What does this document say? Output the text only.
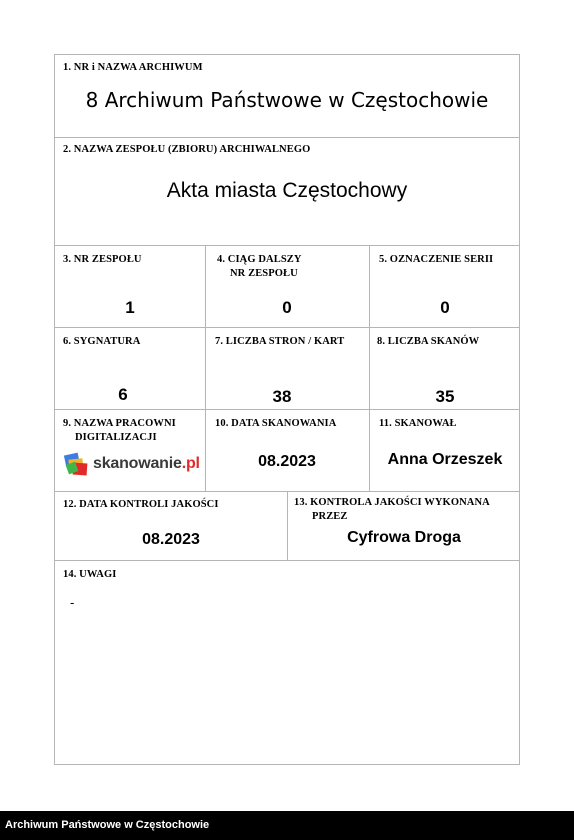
1. NR i NAZWA ARCHIWUM
8 Archiwum Państwowe w Częstochowie
2. NAZWA ZESPOŁU (ZBIORU) ARCHIWALNEGO
Akta miasta Częstochowy
3. NR ZESPOŁU
1
4. CIĄG DALSZY
NR ZESPOŁU
0
5. OZNACZENIE SERII
0
6. SYGNATURA
6
7. LICZBA STRON / KART
38
8. LICZBA SKANÓW
35
9. NAZWA PRACOWNI
DIGITALIZACJI
skanowanie.pl
10. DATA SKANOWANIA
08.2023
11. SKANOWAŁ
Anna Orzeszek
12. DATA KONTROLI JAKOŚCI
08.2023
13. KONTROLA JAKOŚCI WYKONANA
PRZEZ
Cyfrowa Droga
14. UWAGI
-
Archiwum Państwowe w Częstochowie
